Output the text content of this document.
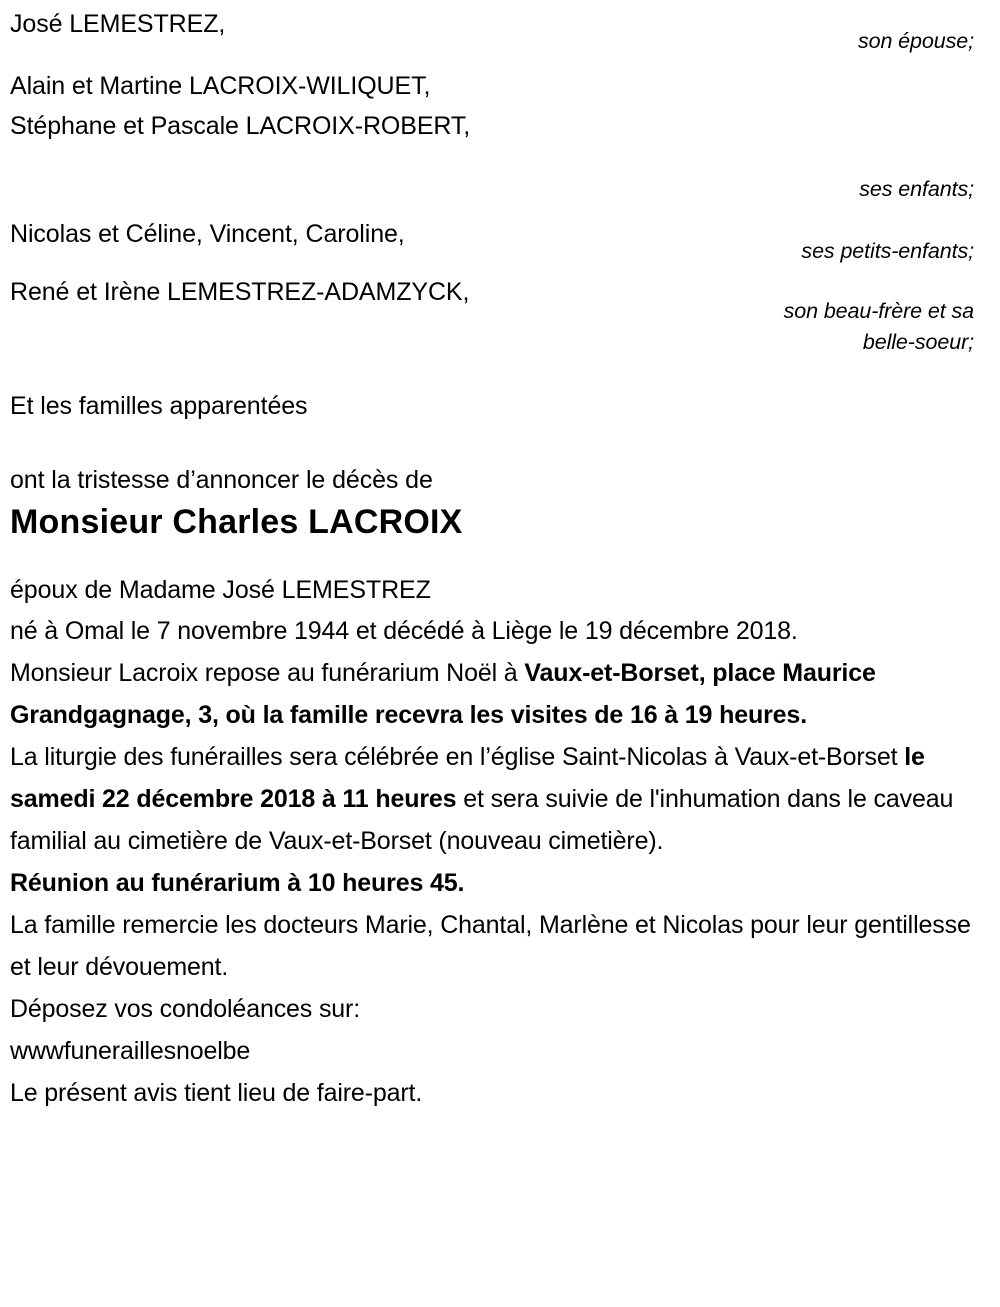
José LEMESTREZ,
son épouse;
Alain et Martine LACROIX-WILIQUET,
Stéphane et Pascale LACROIX-ROBERT,
ses enfants;
Nicolas et Céline, Vincent, Caroline,
ses petits-enfants;
René et Irène LEMESTREZ-ADAMZYCK,
son beau-frère et sa
belle-soeur;

Et les familles apparentées

ont la tristesse d’annoncer le décès de

Monsieur Charles LACROIX

époux de Madame José LEMESTREZ

né à Omal le 7 novembre 1944 et décédé à Liège le 19 décembre 2018.

Monsieur Lacroix repose au funérarium Noël à Vaux-et-Borset, place Maurice Grandgagnage, 3, où la famille recevra les visites de 16 à 19 heures.

La liturgie des funérailles sera célébrée en l’église Saint-Nicolas à Vaux-et-Borset le samedi 22 décembre 2018 à 11 heures et sera suivie de l'inhumation dans le caveau familial au cimetière de Vaux-et-Borset (nouveau cimetière).

Réunion au funérarium à 10 heures 45.

La famille remercie les docteurs Marie, Chantal, Marlène et Nicolas pour leur gentillesse et leur dévouement.

Déposez vos condoléances sur:

wwwfuneraillesnoelbe

Le présent avis tient lieu de faire-part.
